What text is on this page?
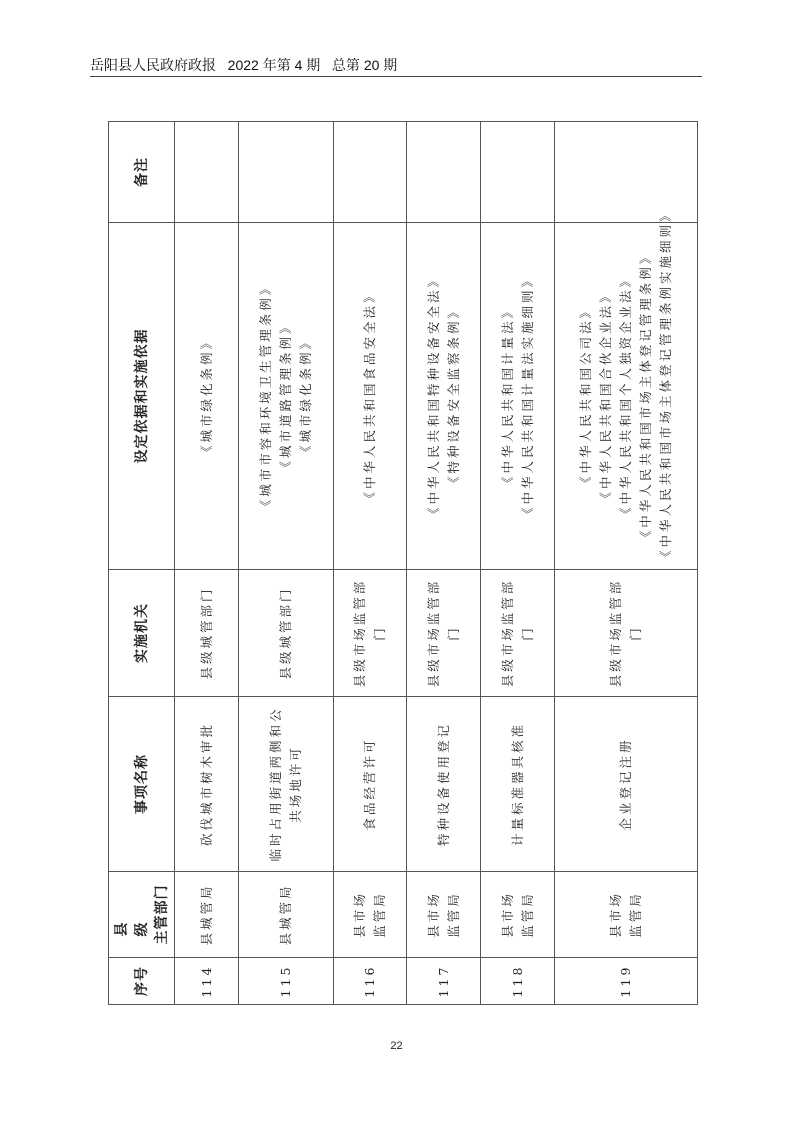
岳阳县人民政府政报   2022 年第 4 期   总第 20 期
序号	县 级 主管部门	事项名称	实施机关	设定依据和实施依据	备注
114	县城管局	砍伐城市树木审批	县级城管部门	《城市绿化条例》	

115	县城管局	临时占用街道两侧和公共场地许可	县级城管部门	《城市市容和环境卫生管理条例》 《城市道路管理条例》 《城市绿化条例》	

116	县市场监管局	食品经营许可	县级市场监管部门	《中华人民共和国食品安全法》	

117	县市场监管局	特种设备使用登记	县级市场监管部门	《中华人民共和国特种设备安全法》 《特种设备安全监察条例》	

118	县市场监管局	计量标准器具核准	县级市场监管部门	《中华人民共和国计量法》 《中华人民共和国计量法实施细则》	

119	县市场监管局	企业登记注册	县级市场监管部门	《中华人民共和国公司法》 《中华人民共和国合伙企业法》 《中华人民共和国个人独资企业法》 《中华人民共和国市场主体登记管理条例》 《中华人民共和国市场主体登记管理条例实施细则》	

22
